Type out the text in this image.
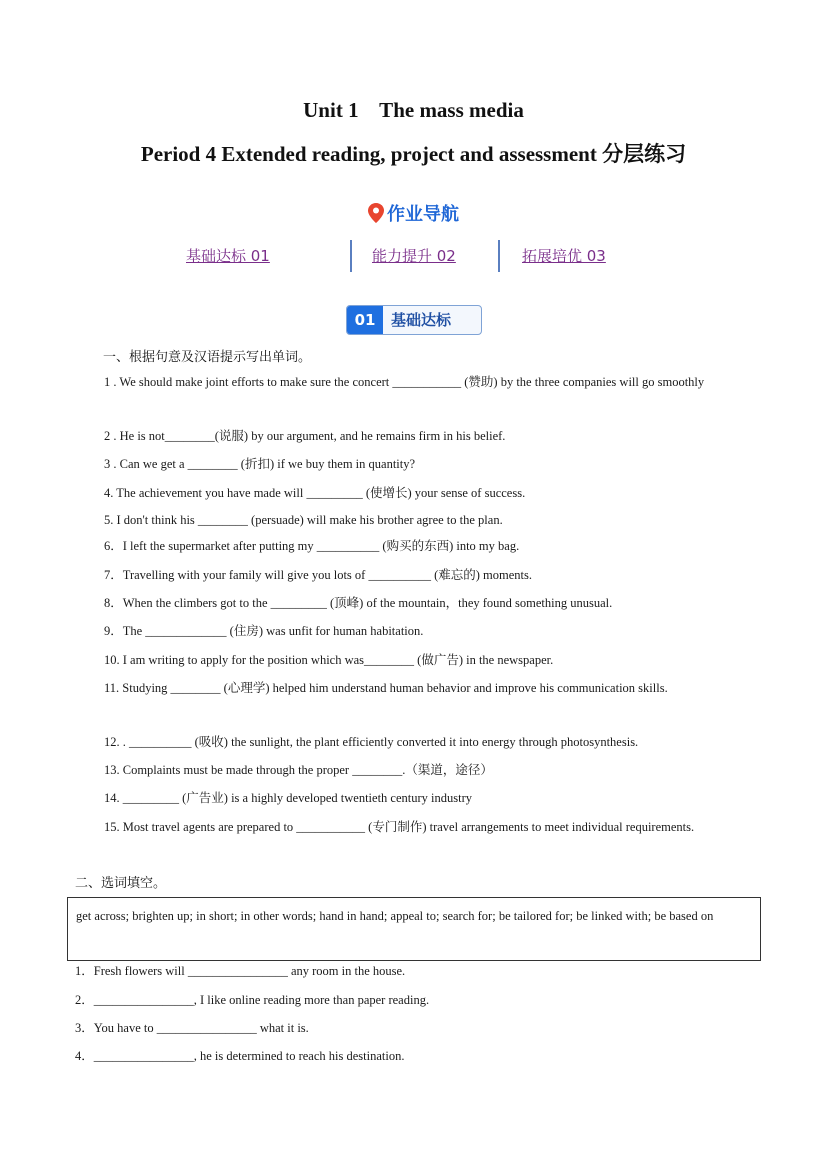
Unit 1    The mass media
Period 4 Extended reading, project and assessment 分层练习
作业导航
基础达标 01	能力提升 02	拓展培优 03
01	基础达标
一、根据句意及汉语提示写出单词。
1 . We should make joint efforts to make sure the concert ___________ (赞助) by the three companies will go smoothly
2 . He is not________(说服) by our argument, and he remains firm in his belief.
3 . Can we get a ________ (折扣) if we buy them in quantity?
4. The achievement you have made will _________ (使增长) your sense of success.
5. I don't think his ________ (persuade) will make his brother agree to the plan.
6．I left the supermarket after putting my __________ (购买的东西) into my bag.
7．Travelling with your family will give you lots of __________ (难忘的) moments.
8．When the climbers got to the _________ (顶峰) of the mountain，they found something unusual.
9．The _____________ (住房) was unfit for human habitation.
10. I am writing to apply for the position which was________ (做广告) in the newspaper.
11. Studying ________ (心理学) helped him understand human behavior and improve his communication skills.
12. . __________ (吸收) the sunlight, the plant efficiently converted it into energy through photosynthesis.
13. Complaints must be made through the proper ________.（渠道，途径）
14. _________ (广告业) is a highly developed twentieth century industry
15. Most travel agents are prepared to ___________ (专门制作) travel arrangements to meet individual requirements.
二、选词填空。
get across; brighten up; in short; in other words; hand in hand; appeal to; search for; be tailored for; be linked with; be based on
1．Fresh flowers will ________________ any room in the house.
2．________________, I like online reading more than paper reading.
3．You have to ________________ what it is.
4．________________, he is determined to reach his destination.
